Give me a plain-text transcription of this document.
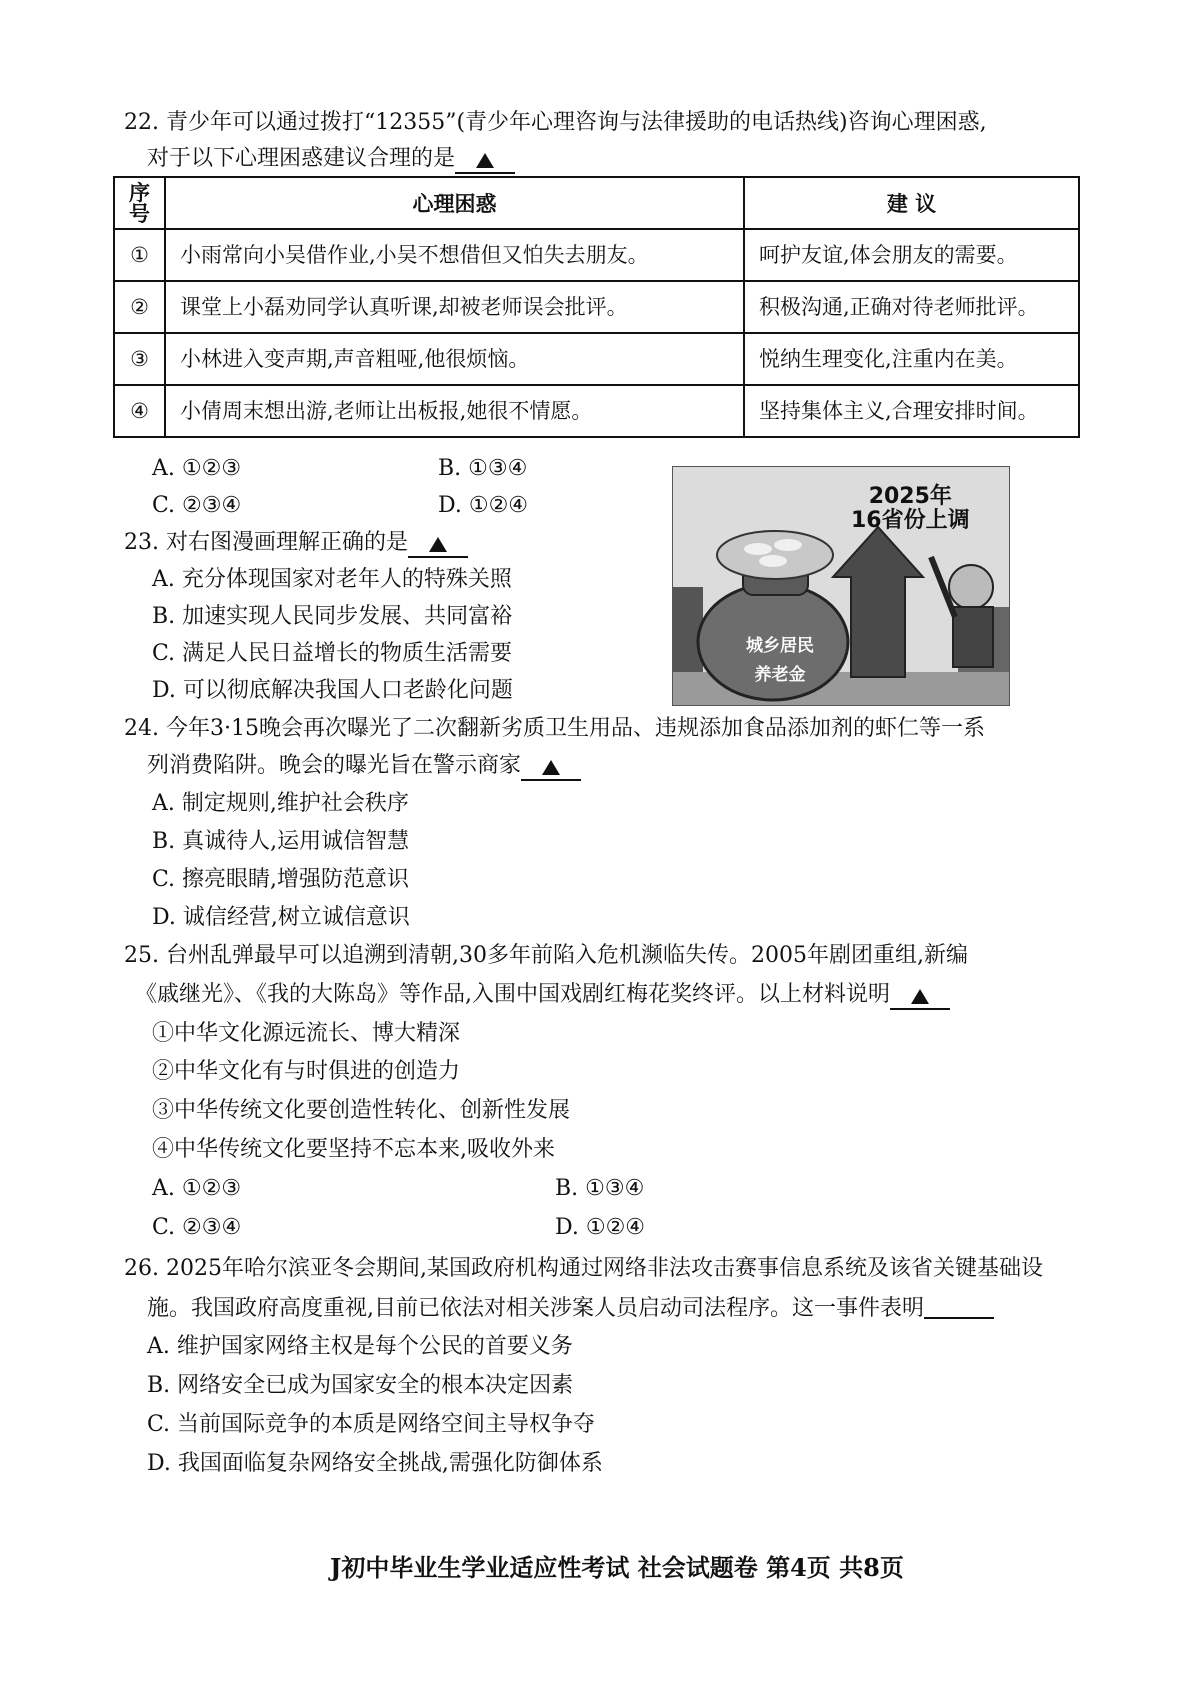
22. 青少年可以通过拨打“12355”(青少年心理咨询与法律援助的电话热线)咨询心理困惑,
对于以下心理困惑建议合理的是
序号	心理困惑	建 议
①	小雨常向小吴借作业,小吴不想借但又怕失去朋友。	呵护友谊,体会朋友的需要。
②	课堂上小磊劝同学认真听课,却被老师误会批评。	积极沟通,正确对待老师批评。
③	小林进入变声期,声音粗哑,他很烦恼。	悦纳生理变化,注重内在美。
④	小倩周末想出游,老师让出板报,她很不情愿。	坚持集体主义,合理安排时间。
A. ①②③	B. ①③④
C. ②③④	D. ①②④	2025年
16省份上调
城乡居民
养老金
23. 对右图漫画理解正确的是
A. 充分体现国家对老年人的特殊关照
B. 加速实现人民同步发展、共同富裕
C. 满足人民日益增长的物质生活需要
D. 可以彻底解决我国人口老龄化问题
24. 今年3·15晚会再次曝光了二次翻新劣质卫生用品、违规添加食品添加剂的虾仁等一系
列消费陷阱。晚会的曝光旨在警示商家
A. 制定规则,维护社会秩序
B. 真诚待人,运用诚信智慧
C. 擦亮眼睛,增强防范意识
D. 诚信经营,树立诚信意识
25. 台州乱弹最早可以追溯到清朝,30多年前陷入危机濒临失传。2005年剧团重组,新编
《戚继光》、《我的大陈岛》等作品,入围中国戏剧红梅花奖终评。以上材料说明
①中华文化源远流长、博大精深
②中华文化有与时俱进的创造力
③中华传统文化要创造性转化、创新性发展
④中华传统文化要坚持不忘本来,吸收外来
A. ①②③	B. ①③④
C. ②③④	D. ①②④
26. 2025年哈尔滨亚冬会期间,某国政府机构通过网络非法攻击赛事信息系统及该省关键基础设
施。我国政府高度重视,目前已依法对相关涉案人员启动司法程序。这一事件表明
A. 维护国家网络主权是每个公民的首要义务
B. 网络安全已成为国家安全的根本决定因素
C. 当前国际竞争的本质是网络空间主导权争夺
D. 我国面临复杂网络安全挑战,需强化防御体系
J初中毕业生学业适应性考试 社会试题卷 第4页 共8页
